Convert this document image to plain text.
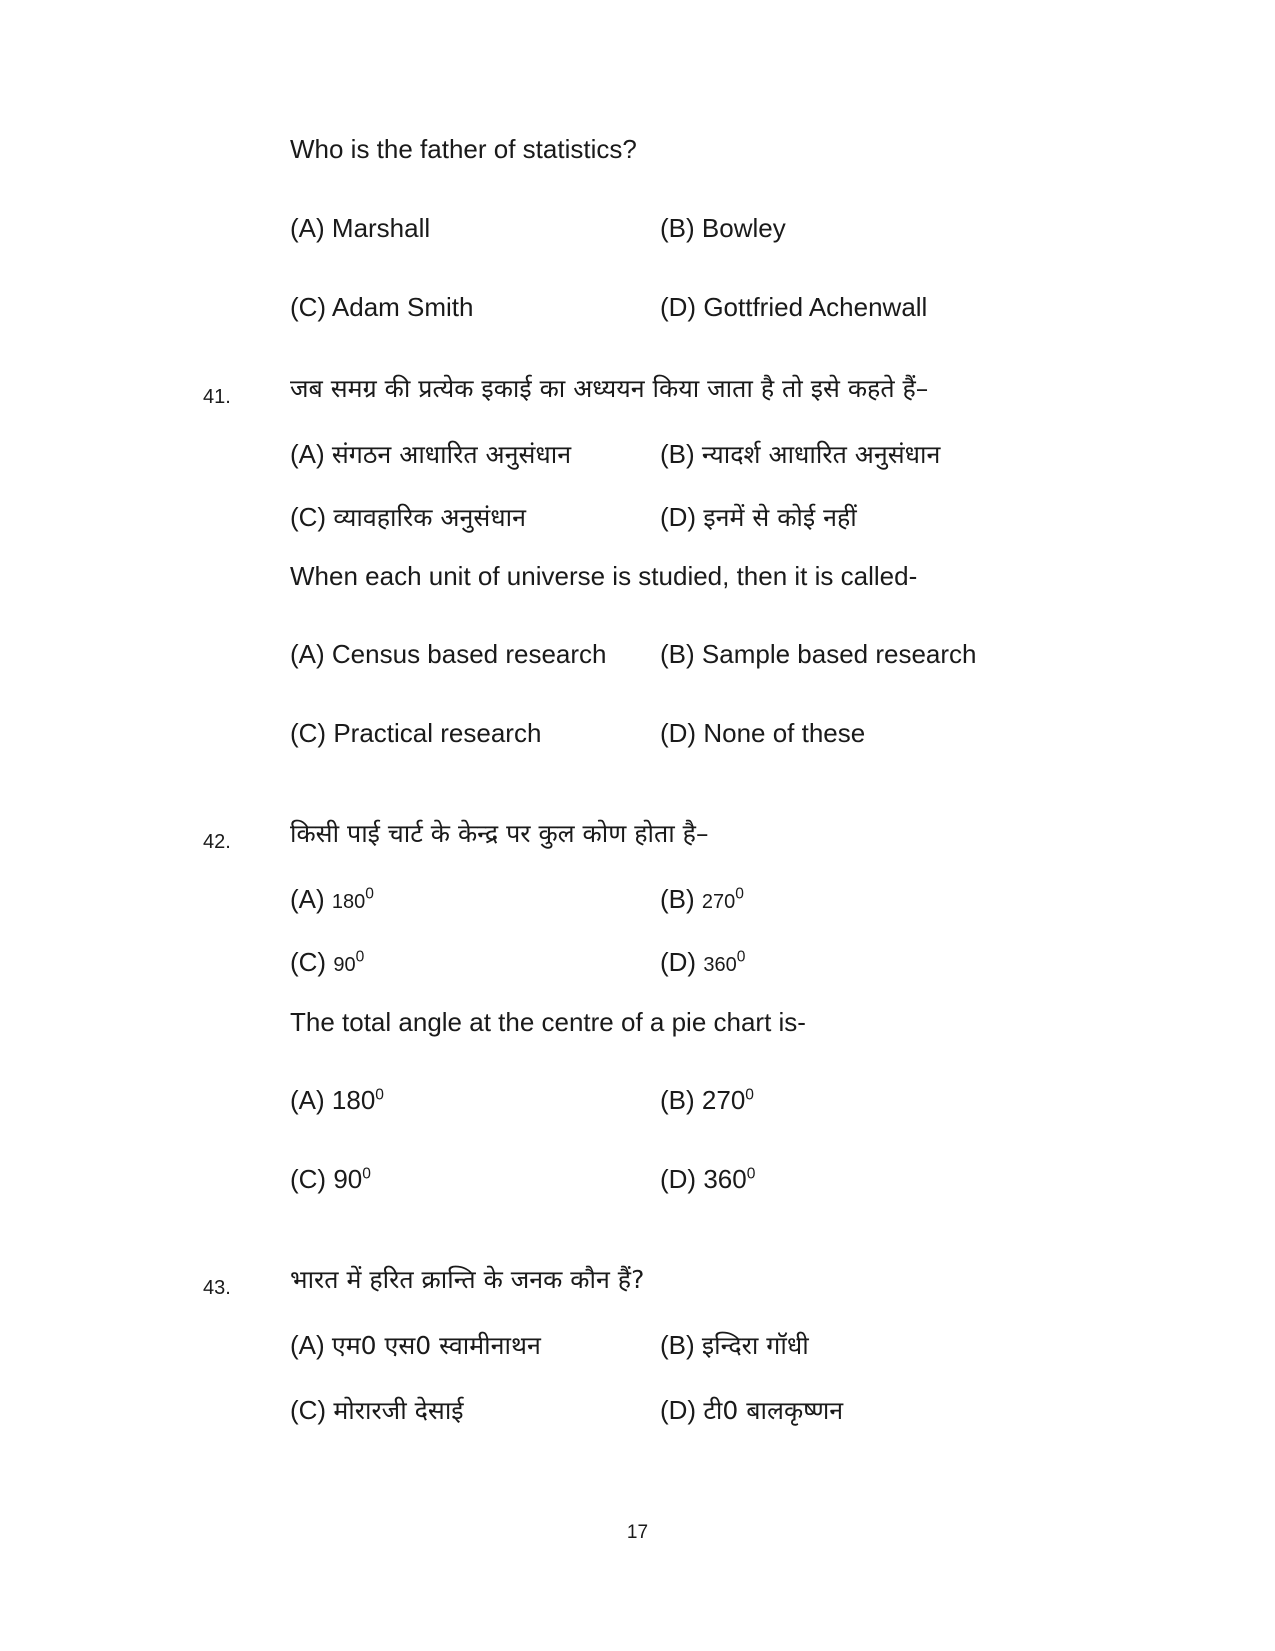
Who is the father of statistics?
(A) Marshall	(B) Bowley
(C) Adam Smith	(D) Gottfried Achenwall
41. जब समग्र की प्रत्येक इकाई का अध्ययन किया जाता है तो इसे कहते हैं–
(A) संगठन आधारित अनुसंधान	(B) न्यादर्श आधारित अनुसंधान
(C) व्यावहारिक अनुसंधान	(D) इनमें से कोई नहीं
When each unit of universe is studied, then it is called-
(A) Census based research (B) Sample based research
(C) Practical research	(D) None of these
42. किसी पाई चार्ट के केन्द्र पर कुल कोण होता है–
(A) $180^0$	(B) $270^0$
(C) $90^0$	(D) $360^0$
The total angle at the centre of a pie chart is-
(A) $180^0$	(B) $270^0$
(C) $90^0$	(D) $360^0$
43. भारत में हरित क्रान्ति के जनक कौन हैं?
(A) एम0 एस0 स्वामीनाथन	(B) इन्दिरा गॉधी
(C) मोरारजी देसाई	(D) टी0 बालकृष्णन
17
